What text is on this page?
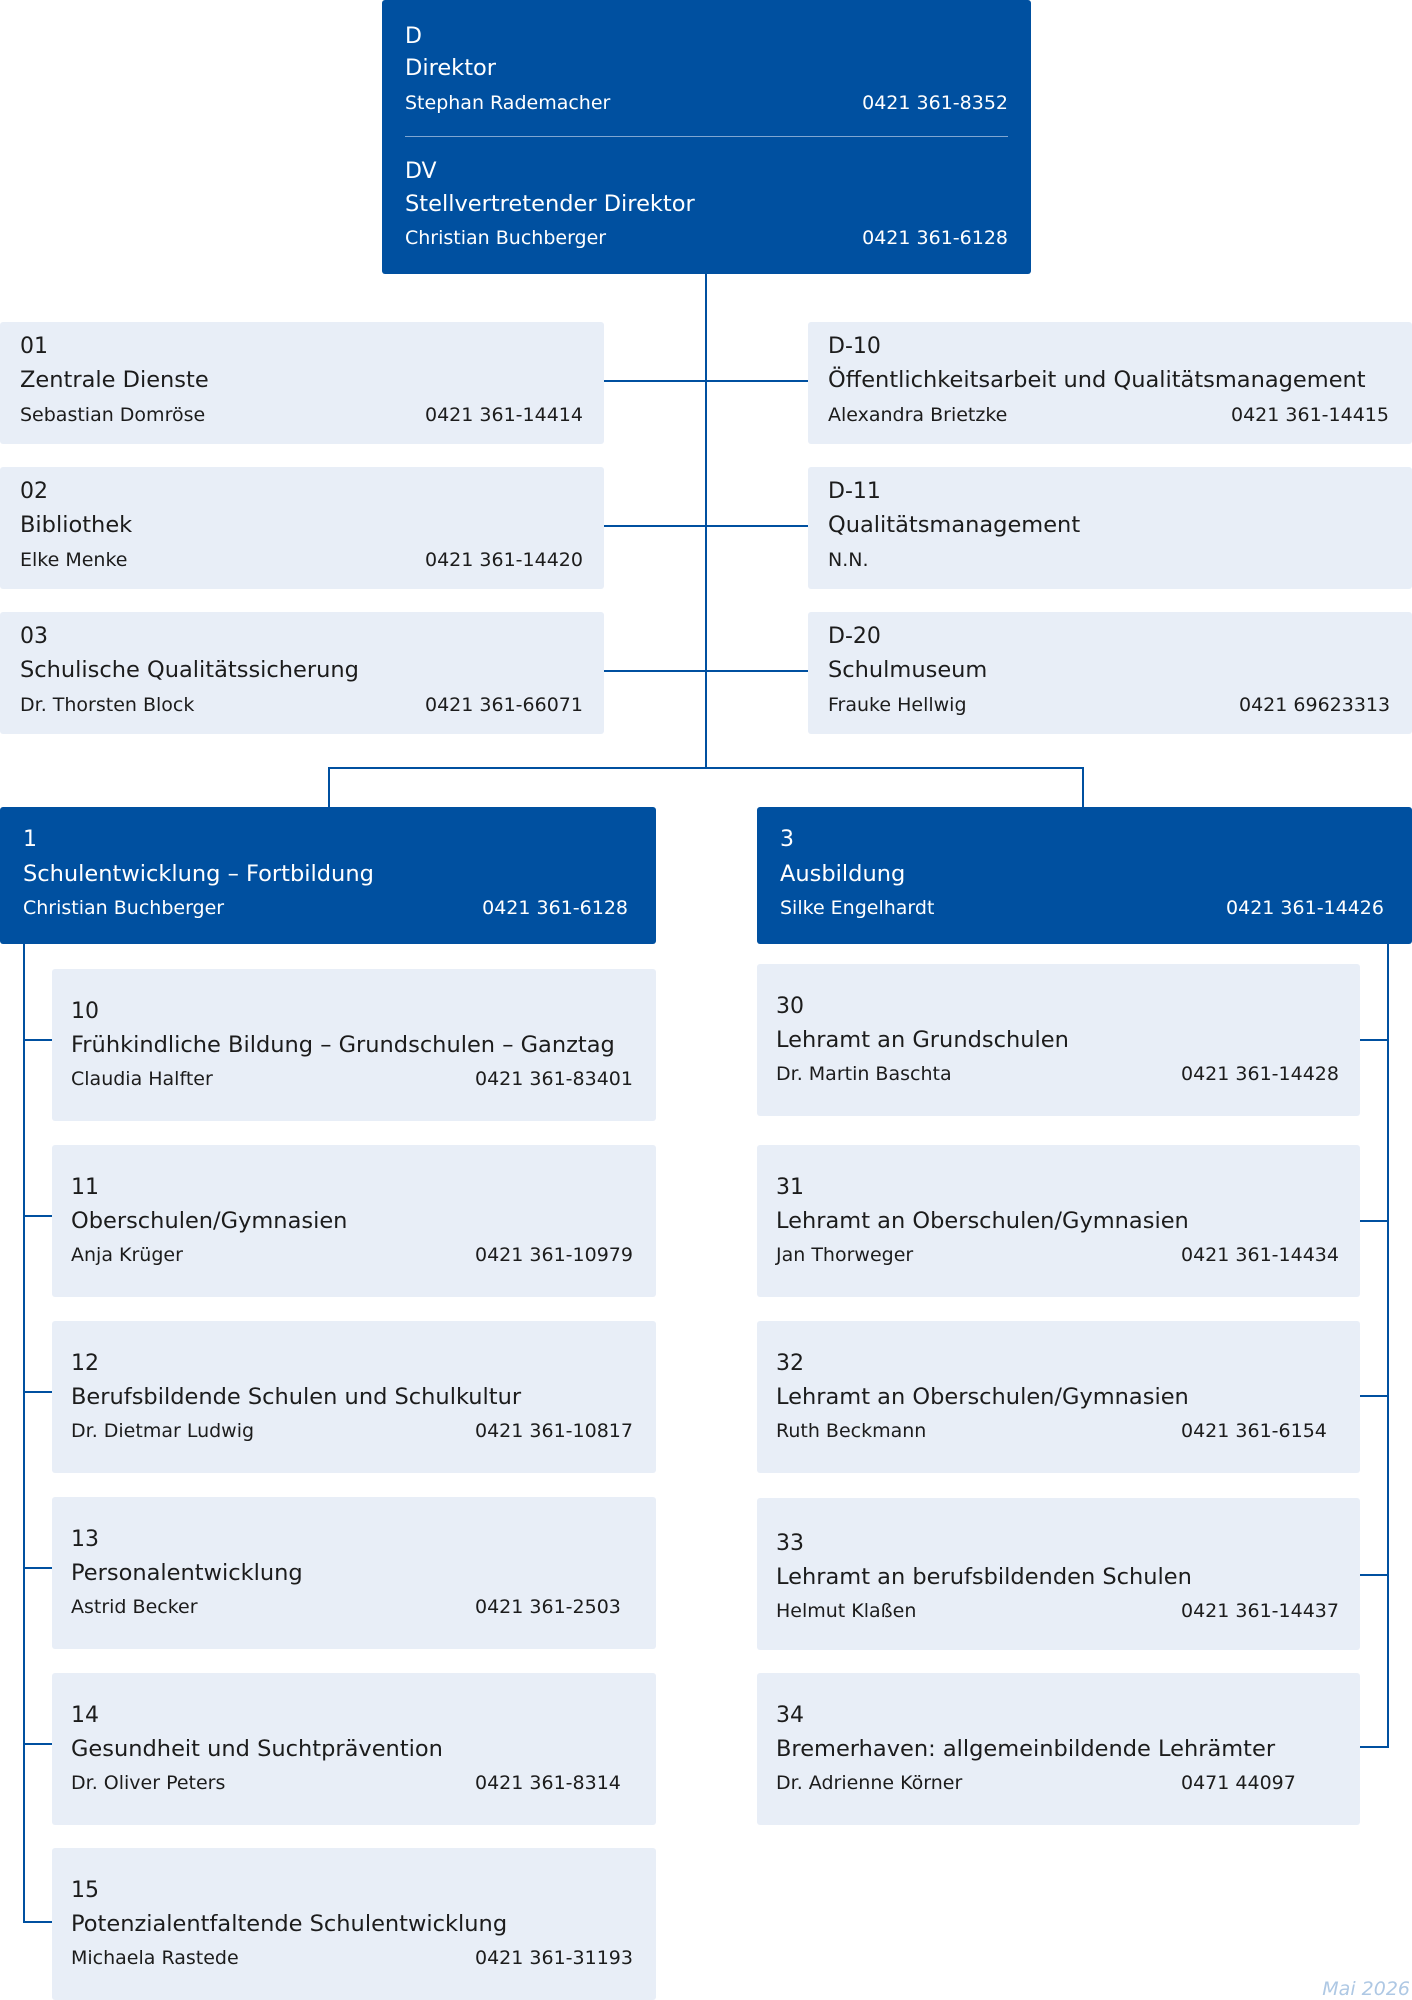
D
Direktor
Stephan Rademacher	0421 361-8352
DV
Stellvertretender Direktor
Christian Buchberger	0421 361-6128
01
Zentrale Dienste
Sebastian Domröse	0421 361-14414
02
Bibliothek
Elke Menke	0421 361-14420
03
Schulische Qualitätssicherung
Dr. Thorsten Block	0421 361-66071
D-10
Öffentlichkeitsarbeit und Qualitätsmanagement
Alexandra Brietzke	0421 361-14415
D-11
Qualitätsmanagement
N.N.
D-20
Schulmuseum
Frauke Hellwig	0421 69623313
1
Schulentwicklung – Fortbildung
Christian Buchberger	0421 361-6128
3
Ausbildung
Silke Engelhardt	0421 361-14426
10
Frühkindliche Bildung – Grundschulen – Ganztag
Claudia Halfter	0421 361-83401
11
Oberschulen/Gymnasien
Anja Krüger	0421 361-10979
12
Berufsbildende Schulen und Schulkultur
Dr. Dietmar Ludwig	0421 361-10817
13
Personalentwicklung
Astrid Becker	0421 361-2503
14
Gesundheit und Suchtprävention
Dr. Oliver Peters	0421 361-8314
15
Potenzialentfaltende Schulentwicklung
Michaela Rastede	0421 361-31193
30
Lehramt an Grundschulen
Dr. Martin Baschta	0421 361-14428
31
Lehramt an Oberschulen/Gymnasien
Jan Thorweger	0421 361-14434
32
Lehramt an Oberschulen/Gymnasien
Ruth Beckmann	0421 361-6154
33
Lehramt an berufsbildenden Schulen
Helmut Klaßen	0421 361-14437
34
Bremerhaven: allgemeinbildende Lehrämter
Dr. Adrienne Körner	0471 44097
Mai 2026
